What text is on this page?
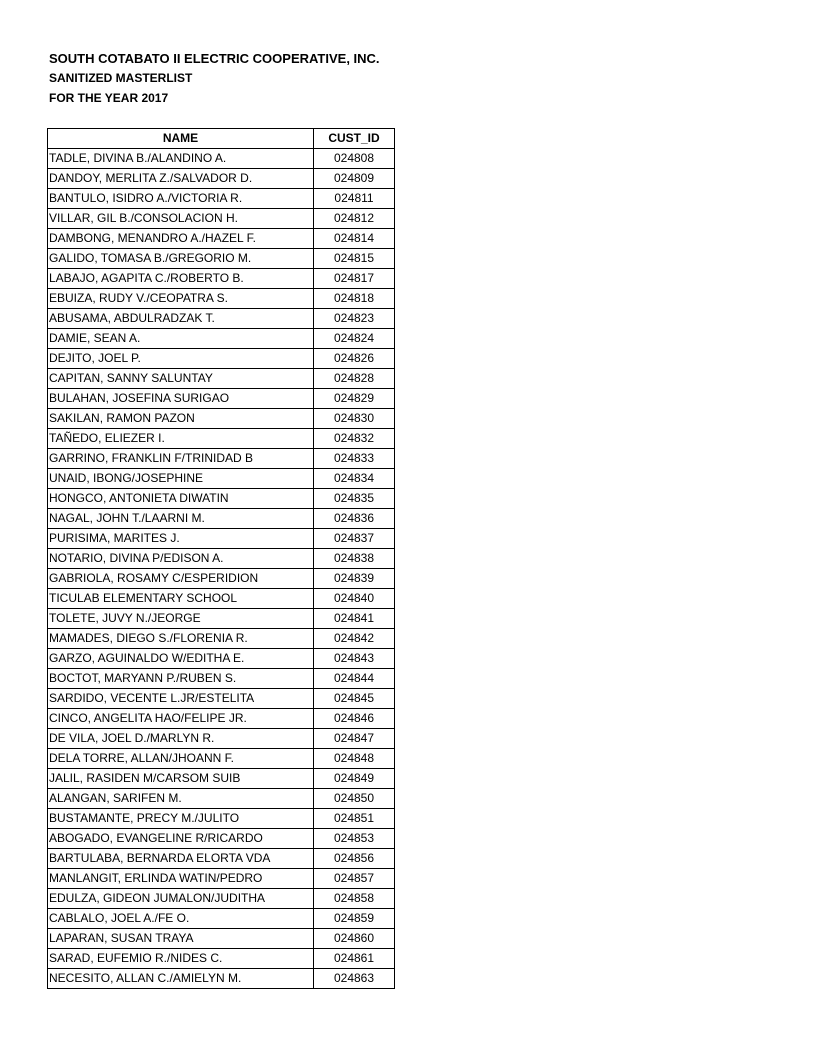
SOUTH COTABATO II ELECTRIC COOPERATIVE, INC.
SANITIZED MASTERLIST
FOR THE YEAR 2017
NAME	CUST_ID
TADLE, DIVINA B./ALANDINO A.	024808
DANDOY, MERLITA Z./SALVADOR D.	024809
BANTULO, ISIDRO A./VICTORIA R.	024811
VILLAR, GIL B./CONSOLACION H.	024812
DAMBONG, MENANDRO A./HAZEL F.	024814
GALIDO, TOMASA B./GREGORIO M.	024815
LABAJO, AGAPITA C./ROBERTO B.	024817
EBUIZA, RUDY V./CEOPATRA S.	024818
ABUSAMA, ABDULRADZAK T.	024823
DAMIE, SEAN A.	024824
DEJITO, JOEL P.	024826
CAPITAN, SANNY SALUNTAY	024828
BULAHAN, JOSEFINA SURIGAO	024829
SAKILAN, RAMON PAZON	024830
TAÑEDO, ELIEZER I.	024832
GARRINO, FRANKLIN F/TRINIDAD B	024833
UNAID, IBONG/JOSEPHINE	024834
HONGCO, ANTONIETA DIWATIN	024835
NAGAL, JOHN T./LAARNI M.	024836
PURISIMA, MARITES J.	024837
NOTARIO, DIVINA P/EDISON A.	024838
GABRIOLA, ROSAMY C/ESPERIDION	024839
TICULAB ELEMENTARY SCHOOL	024840
TOLETE, JUVY N./JEORGE	024841
MAMADES, DIEGO S./FLORENIA R.	024842
GARZO, AGUINALDO W/EDITHA E.	024843
BOCTOT, MARYANN P./RUBEN S.	024844
SARDIDO, VECENTE L.JR/ESTELITA	024845
CINCO, ANGELITA HAO/FELIPE JR.	024846
DE VILA, JOEL D./MARLYN R.	024847
DELA TORRE, ALLAN/JHOANN F.	024848
JALIL, RASIDEN M/CARSOM SUIB	024849
ALANGAN, SARIFEN M.	024850
BUSTAMANTE, PRECY M./JULITO	024851
ABOGADO, EVANGELINE R/RICARDO	024853
BARTULABA, BERNARDA ELORTA VDA	024856
MANLANGIT, ERLINDA WATIN/PEDRO	024857
EDULZA, GIDEON JUMALON/JUDITHA	024858
CABLALO, JOEL A./FE O.	024859
LAPARAN, SUSAN TRAYA	024860
SARAD, EUFEMIO R./NIDES C.	024861
NECESITO, ALLAN C./AMIELYN M.	024863
